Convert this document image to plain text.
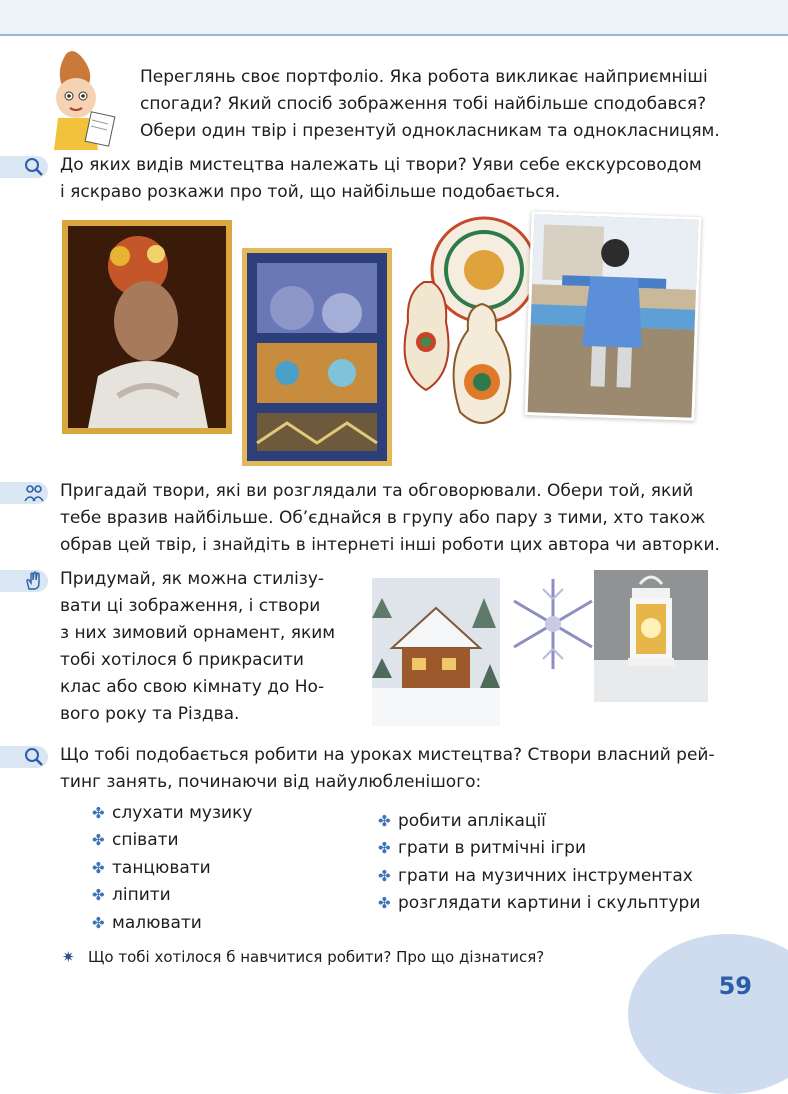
Переглянь своє портфоліо. Яка робота викликає найприємніші
спогади? Який спосіб зображення тобі найбільше сподобався?
Обери один твір і презентуй однокласникам та однокласницям.
До яких видів мистецтва належать ці твори? Уяви себе екскурсоводом
і яскраво розкажи про той, що найбільше подобається.
Пригадай твори, які ви розглядали та обговорювали. Обери той, який
тебе вразив найбільше. Об’єднайся в групу або пару з тими, хто також
обрав цей твір, і знайдіть в інтернеті інші роботи цих автора чи авторки.
Придумай, як можна стилізу-
вати ці зображення, і створи
з них зимовий орнамент, яким
тобі хотілося б прикрасити
клас або свою кімнату до Но-
вого року та Різдва.
Що тобі подобається робити на уроках мистецтва? Створи власний рей-
тинг занять, починаючи від найулюбленішого:
✤ слухати музику
✤ співати
✤ танцювати
✤ ліпити
✤ малювати
✤ робити аплікації
✤ грати в ритмічні ігри
✤ грати на музичних інструментах
✤ розглядати картини і скульптури
✷ Що тобі хотілося б навчитися робити? Про що дізнатися?
59
